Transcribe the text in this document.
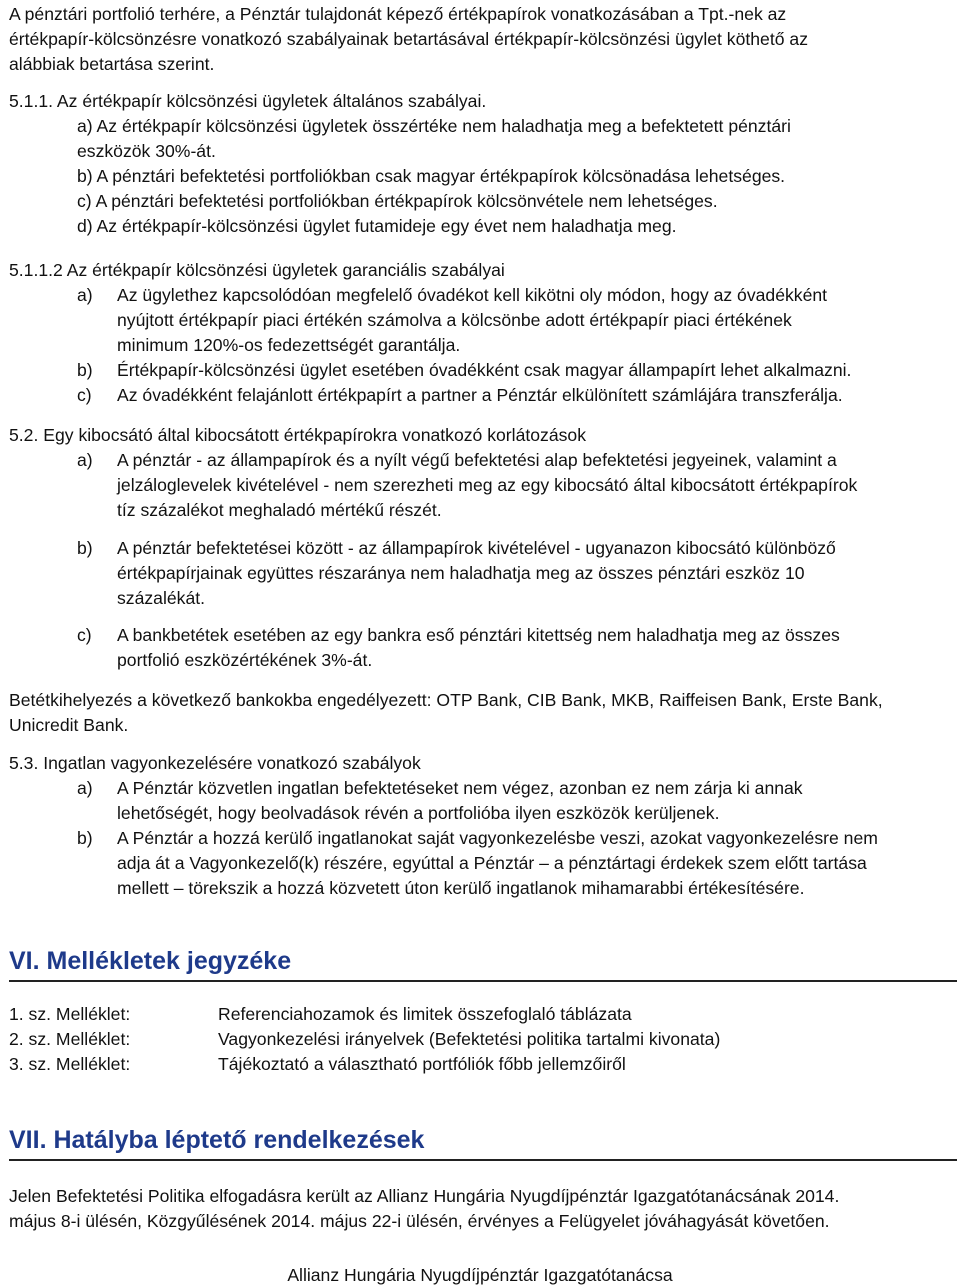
A pénztári portfolió terhére, a Pénztár tulajdonát képező értékpapírok vonatkozásában a Tpt.-nek az

értékpapír-kölcsönzésre vonatkozó szabályainak betartásával értékpapír-kölcsönzési ügylet köthető az

alábbiak betartása szerint.

5.1.1. Az értékpapír kölcsönzési ügyletek általános szabályai.

a) Az értékpapír kölcsönzési ügyletek összértéke nem haladhatja meg a befektetett pénztári

eszközök 30%-át.

b) A pénztári befektetési portfoliókban csak magyar értékpapírok kölcsönadása lehetséges.

c) A pénztári befektetési portfoliókban értékpapírok kölcsönvétele nem lehetséges.

d) Az értékpapír-kölcsönzési ügylet futamideje egy évet nem haladhatja meg.

5.1.1.2 Az értékpapír kölcsönzési ügyletek garanciális szabályai

a)	Az ügylethez kapcsolódóan megfelelő óvadékot kell kikötni oly módon, hogy az óvadékként

nyújtott értékpapír piaci értékén számolva a kölcsönbe adott értékpapír piaci értékének

minimum 120%-os fedezettségét garantálja.

b)	Értékpapír-kölcsönzési ügylet esetében óvadékként csak magyar állampapírt lehet alkalmazni.

c)	Az óvadékként felajánlott értékpapírt a partner a Pénztár elkülönített számlájára transzferálja.

5.2. Egy kibocsátó által kibocsátott értékpapírokra vonatkozó korlátozások

a)	A pénztár - az állampapírok és a nyílt végű befektetési alap befektetési jegyeinek, valamint a

jelzáloglevelek kivételével - nem szerezheti meg az egy kibocsátó által kibocsátott értékpapírok

tíz százalékot meghaladó mértékű részét.

b)	A pénztár befektetései között - az állampapírok kivételével - ugyanazon kibocsátó különböző

értékpapírjainak együttes részaránya nem haladhatja meg az összes pénztári eszköz 10

százalékát.

c)	A bankbetétek esetében az egy bankra eső pénztári kitettség nem haladhatja meg az összes

portfolió eszközértékének 3%-át.

Betétkihelyezés a következő bankokba engedélyezett: OTP Bank, CIB Bank, MKB, Raiffeisen Bank, Erste Bank,

Unicredit Bank.

5.3. Ingatlan vagyonkezelésére vonatkozó szabályok

a)	A Pénztár közvetlen ingatlan befektetéseket nem végez, azonban ez nem zárja ki annak

lehetőségét, hogy beolvadások révén a portfolióba ilyen eszközök kerüljenek.

b)	A Pénztár a hozzá kerülő ingatlanokat saját vagyonkezelésbe veszi, azokat vagyonkezelésre nem

adja át a Vagyonkezelő(k) részére, egyúttal a Pénztár – a pénztártagi érdekek szem előtt tartása

mellett – törekszik a hozzá közvetett úton kerülő ingatlanok mihamarabbi értékesítésére.

VI. Mellékletek jegyzéke
1. sz. Melléklet:	Referenciahozamok és limitek összefoglaló táblázata
2. sz. Melléklet:	Vagyonkezelési irányelvek (Befektetési politika tartalmi kivonata)
3. sz. Melléklet:	Tájékoztató a választható portfóliók főbb jellemzőiről
VII. Hatályba léptető rendelkezések

Jelen Befektetési Politika elfogadásra került az Allianz Hungária Nyugdíjpénztár Igazgatótanácsának 2014.

május 8-i ülésén, Közgyűlésének 2014. május 22-i ülésén, érvényes a Felügyelet jóváhagyását követően.

Allianz Hungária Nyugdíjpénztár Igazgatótanácsa
